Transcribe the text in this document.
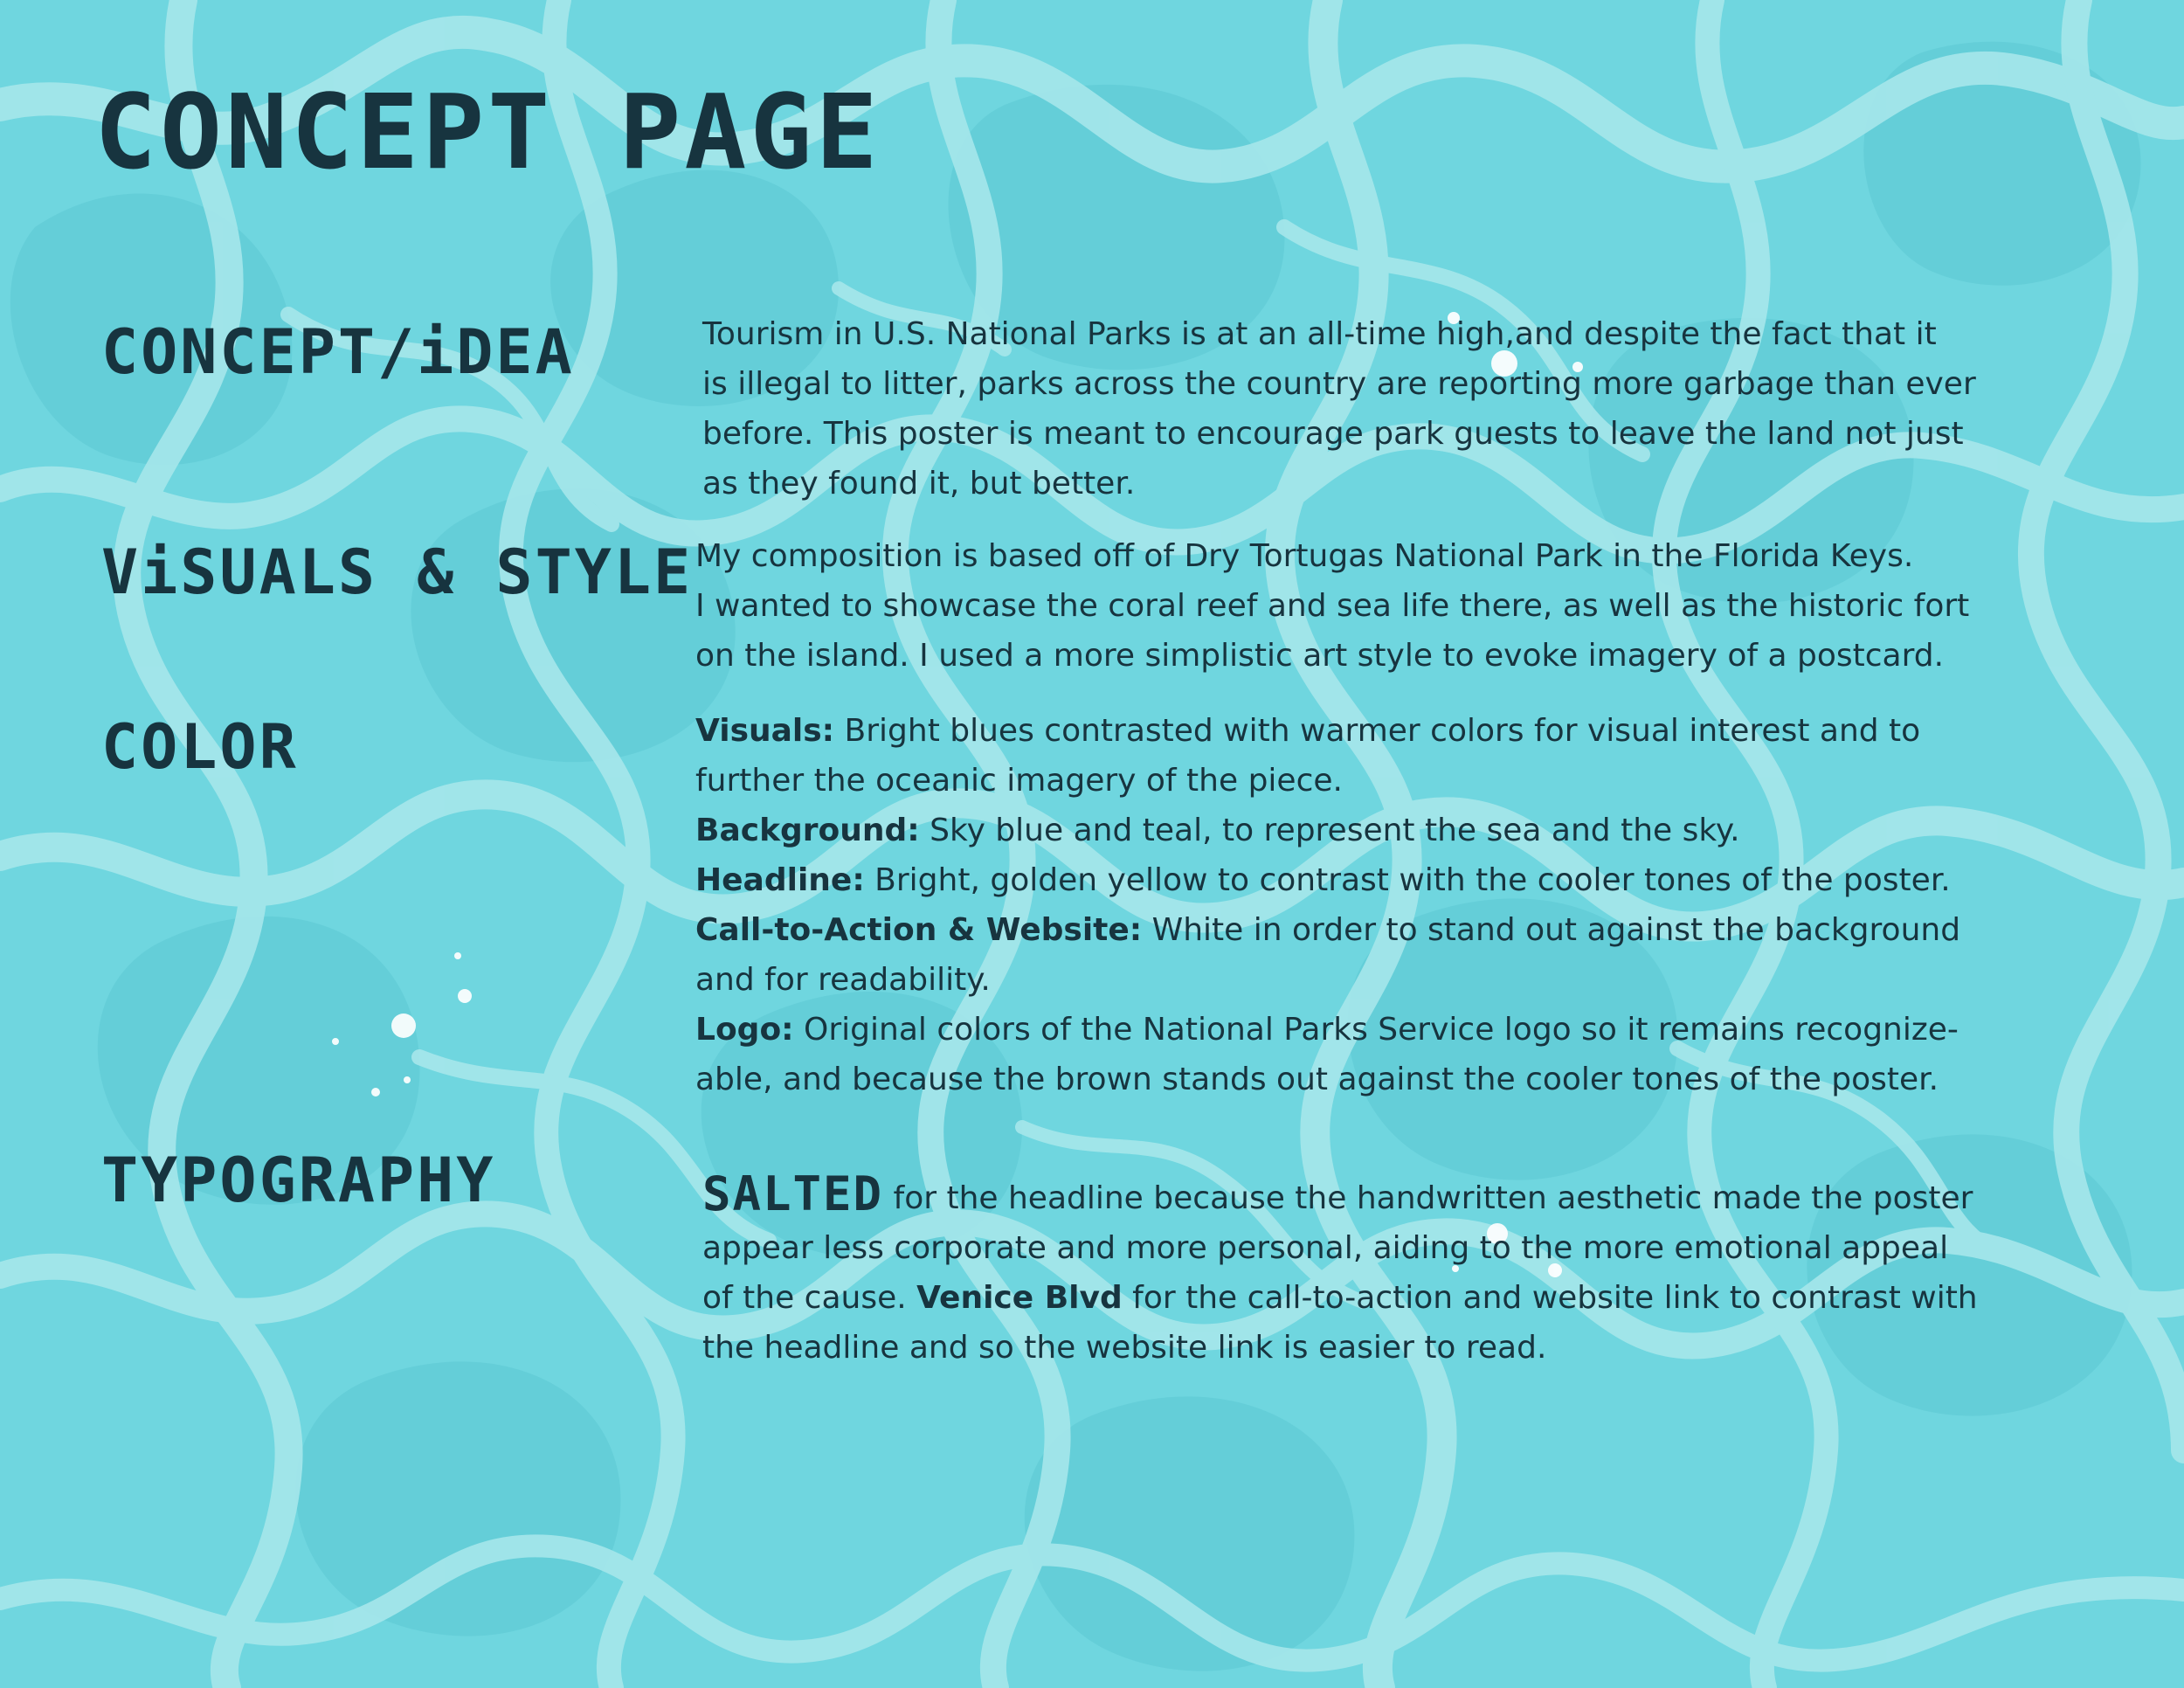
CONCEPT PAGE
CONCEPT/iDEA	Tourism in U.S. National Parks is at an all-time high,and despite the fact that it
is illegal to litter, parks across the country are reporting more garbage than ever
before. This poster is meant to encourage park guests to leave the land not just
as they found it, but better.
ViSUALS & STYLE My composition is based off of Dry Tortugas National Park in the Florida Keys.
I wanted to showcase the coral reef and sea life there, as well as the historic fort
on the island. I used a more simplistic art style to evoke imagery of a postcard.
COLOR	Visuals: Bright blues contrasted with warmer colors for visual interest and to
further the oceanic imagery of the piece.
Background: Sky blue and teal, to represent the sea and the sky.
Headline: Bright, golden yellow to contrast with the cooler tones of the poster.
Call-to-Action & Website: White in order to stand out against the background
and for readability.
Logo: Original colors of the National Parks Service logo so it remains recognize-
able, and because the brown stands out against the cooler tones of the poster.
TYPOGRAPHY	SALTED for the headline because the handwritten aesthetic made the poster
appear less corporate and more personal, aiding to the more emotional appeal
of the cause. Venice Blvd for the call-to-action and website link to contrast with
the headline and so the website link is easier to read.
